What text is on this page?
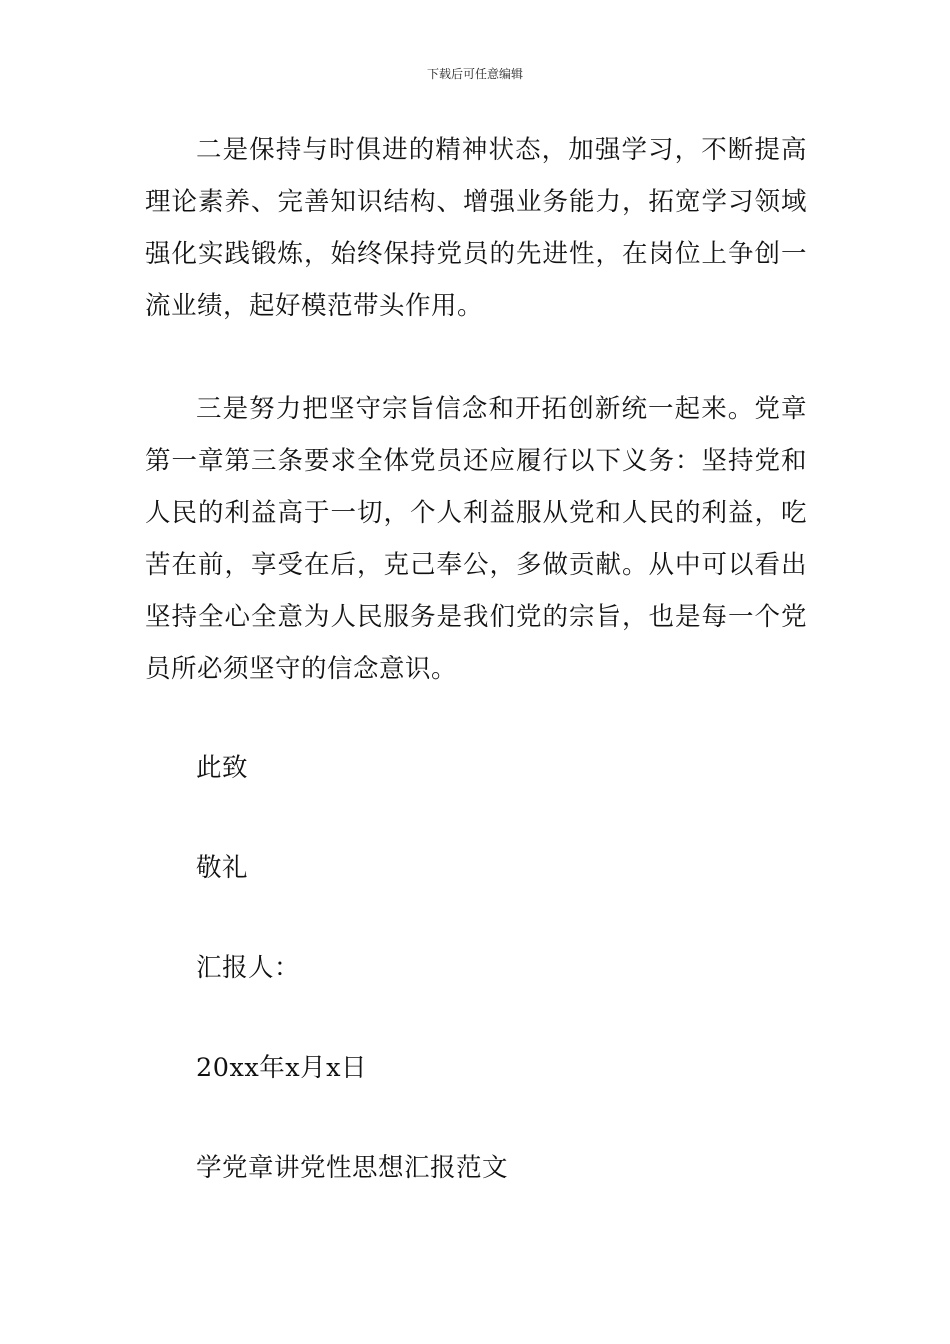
下载后可任意编辑

二是保持与时俱进的精神状态，加强学习，不断提高理论素养、完善知识结构、增强业务能力，拓宽学习领域强化实践锻炼，始终保持党员的先进性，在岗位上争创一流业绩，起好模范带头作用。

三是努力把坚守宗旨信念和开拓创新统一起来。党章第一章第三条要求全体党员还应履行以下义务：坚持党和人民的利益高于一切，个人利益服从党和人民的利益，吃苦在前，享受在后，克己奉公，多做贡献。从中可以看出坚持全心全意为人民服务是我们党的宗旨，也是每一个党员所必须坚守的信念意识。

此致

敬礼

汇报人：

20xx年x月x日

学党章讲党性思想汇报范文
